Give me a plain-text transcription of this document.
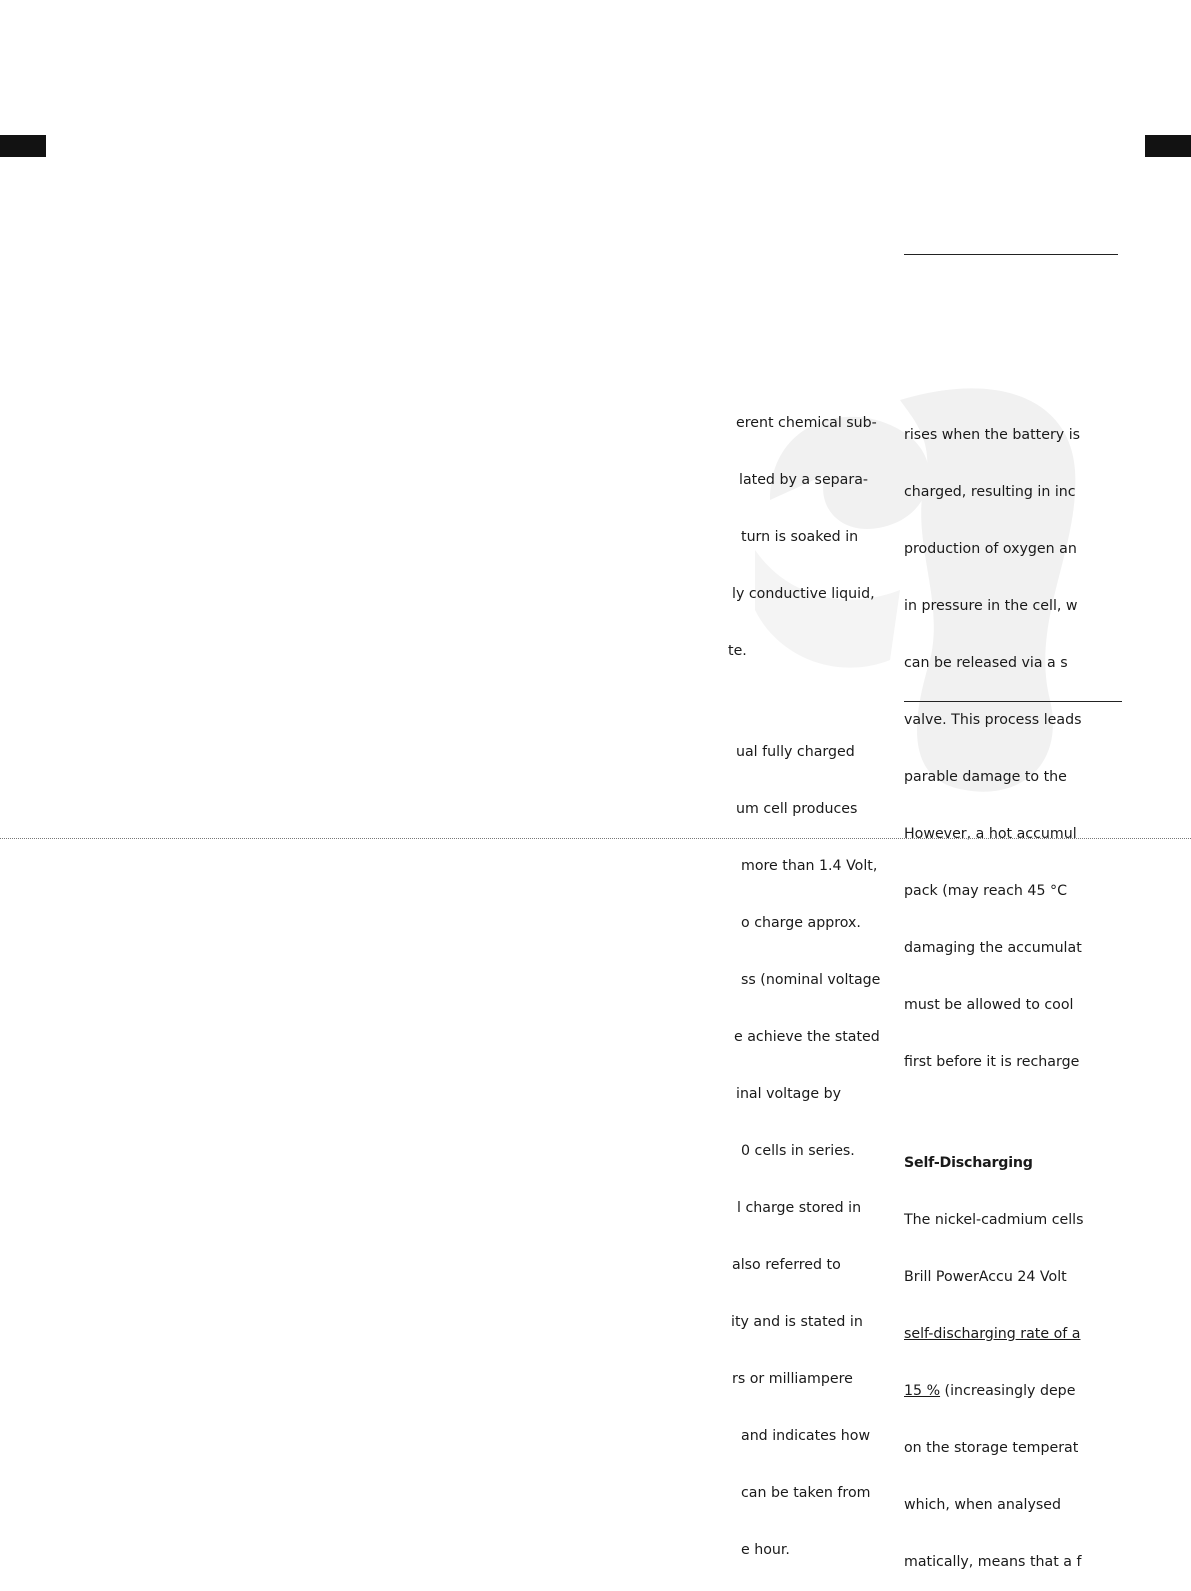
erent chemical sub-

lated by a separa-

turn is soaked in

ly conductive liquid,

te.

ual fully charged

um cell produces

more than 1.4 Volt,

o charge approx.

ss (nominal voltage

e achieve the stated

inal voltage by

0 cells in series.

l charge stored in

also referred to

ity and is stated in

rs or milliampere

and indicates how

can be taken from

e hour.

rises when the battery is

charged, resulting in inc

production of oxygen an

in pressure in the cell, w

can be released via a s

valve. This process leads

parable damage to the

However, a hot accumul

pack (may reach 45 °C

damaging the accumulat

must be allowed to cool

first before it is recharge

Self-Discharging

The nickel-cadmium cells

Brill PowerAccu 24 Volt

self-discharging rate of a

15 % (increasingly depe

on the storage temperat

which, when analysed

matically, means that a f
